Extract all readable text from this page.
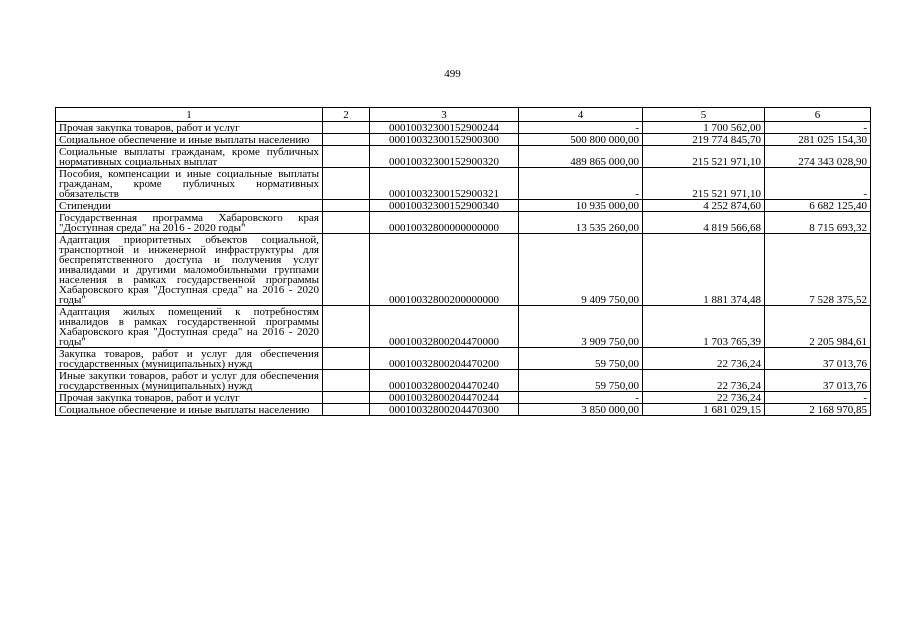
499
1	2	3	4	5	6
Прочая закупка товаров, работ и услуг		00010032300152900244	-	1 700 562,00	-
Социальное обеспечение и иные выплаты населению		00010032300152900300	500 800 000,00	219 774 845,70	281 025 154,30
Социальные выплаты гражданам, кроме публичных нормативных социальных выплат		00010032300152900320	489 865 000,00	215 521 971,10	274 343 028,90
Пособия, компенсации и иные социальные выплаты гражданам, кроме публичных нормативных обязательств		00010032300152900321	-	215 521 971,10	-
Стипендии		00010032300152900340	10 935 000,00	4 252 874,60	6 682 125,40
Государственная программа Хабаровского края "Доступная среда" на 2016 - 2020 годы"		00010032800000000000	13 535 260,00	4 819 566,68	8 715 693,32
Адаптация приоритетных объектов социальной, транспортной и инженерной инфраструктуры для беспрепятственного доступа и получения услуг инвалидами и другими маломобильными группами населения в рамках государственной программы Хабаровского края "Доступная среда" на 2016 - 2020 годы"		00010032800200000000	9 409 750,00	1 881 374,48	7 528 375,52
Адаптация жилых помещений к потребностям инвалидов в рамках государственной программы Хабаровского края "Доступная среда" на 2016 - 2020 годы"		00010032800204470000	3 909 750,00	1 703 765,39	2 205 984,61
Закупка товаров, работ и услуг для обеспечения государственных (муниципальных) нужд		00010032800204470200	59 750,00	22 736,24	37 013,76
Иные закупки товаров, работ и услуг для обеспечения государственных (муниципальных) нужд		00010032800204470240	59 750,00	22 736,24	37 013,76
Прочая закупка товаров, работ и услуг		00010032800204470244	-	22 736,24	-
Социальное обеспечение и иные выплаты населению		00010032800204470300	3 850 000,00	1 681 029,15	2 168 970,85
